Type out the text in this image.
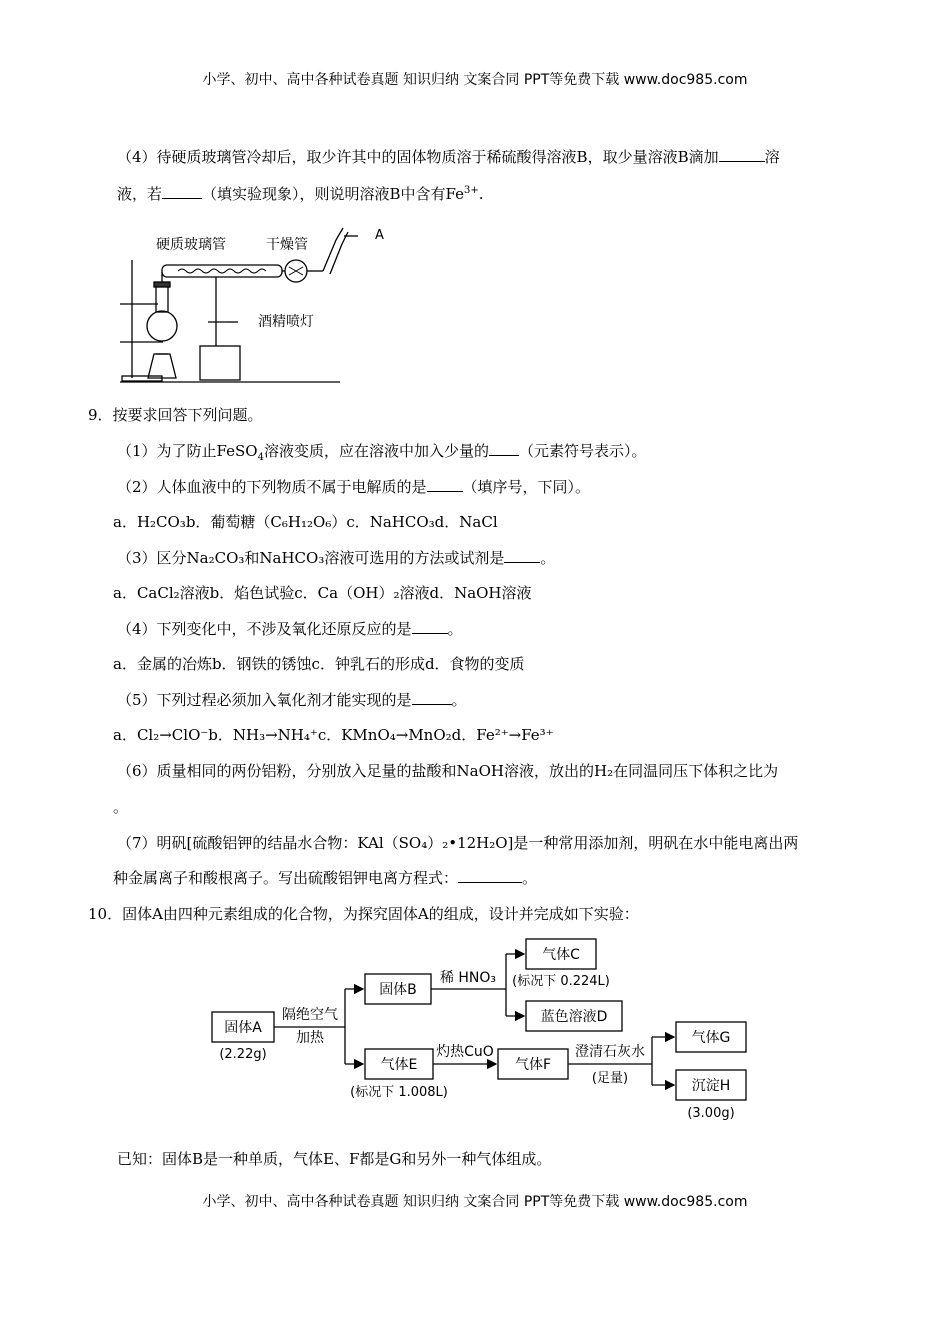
小学、初中、高中各种试卷真题 知识归纳 文案合同 PPT等免费下载 www.doc985.com
（4）待硬质玻璃管冷却后，取少许其中的固体物质溶于稀硫酸得溶液B，取少量溶液B滴加	溶
液，若	（填实验现象），则说明溶液B中含有$Fe^{3+}$.
硬质玻璃管	干燥管
A
酒精喷灯
9．按要求回答下列问题。
（1）为了防止FeSO$_4$溶液变质，应在溶液中加入少量的 （元素符号表示）。
（2）人体血液中的下列物质不属于电解质的是 （填序号，下同）。
a．H₂CO₃b．葡萄糖（C₆H₁₂O₆）c．NaHCO₃d．NaCl
（3）区分Na₂CO₃和NaHCO₃溶液可选用的方法或试剂是 。
a．CaCl₂溶液b．焰色试验c．Ca（OH）₂溶液d．NaOH溶液
（4）下列变化中，不涉及氧化还原反应的是 。
a．金属的冶炼b．钢铁的锈蚀c．钟乳石的形成d．食物的变质
（5）下列过程必须加入氧化剂才能实现的是	。
a．Cl₂→ClO⁻b．NH₃→NH₄⁺c．KMnO₄→MnO₂d．Fe²⁺→Fe³⁺
（6）质量相同的两份铝粉，分别放入足量的盐酸和NaOH溶液，放出的H₂在同温同压下体积之比为
。
（7）明矾[硫酸铝钾的结晶水合物：KAl（SO₄）₂•12H₂O]是一种常用添加剂，明矾在水中能电离出两
种金属离子和酸根离子。写出硫酸铝钾电离方程式：	。
10．固体A由四种元素组成的化合物，为探究固体A的组成，设计并完成如下实验：
固体A
(2.22g)
隔绝空气
加热
固体B
稀 HNO₃
气体C
(标况下 0.224L)
蓝色溶液D
气体E
(标况下 1.008L)
灼热CuO
气体F
澄清石灰水
(足量)
气体G
沉淀H
(3.00g)
已知：固体B是一种单质，气体E、F都是G和另外一种气体组成。
小学、初中、高中各种试卷真题 知识归纳 文案合同 PPT等免费下载 www.doc985.com
